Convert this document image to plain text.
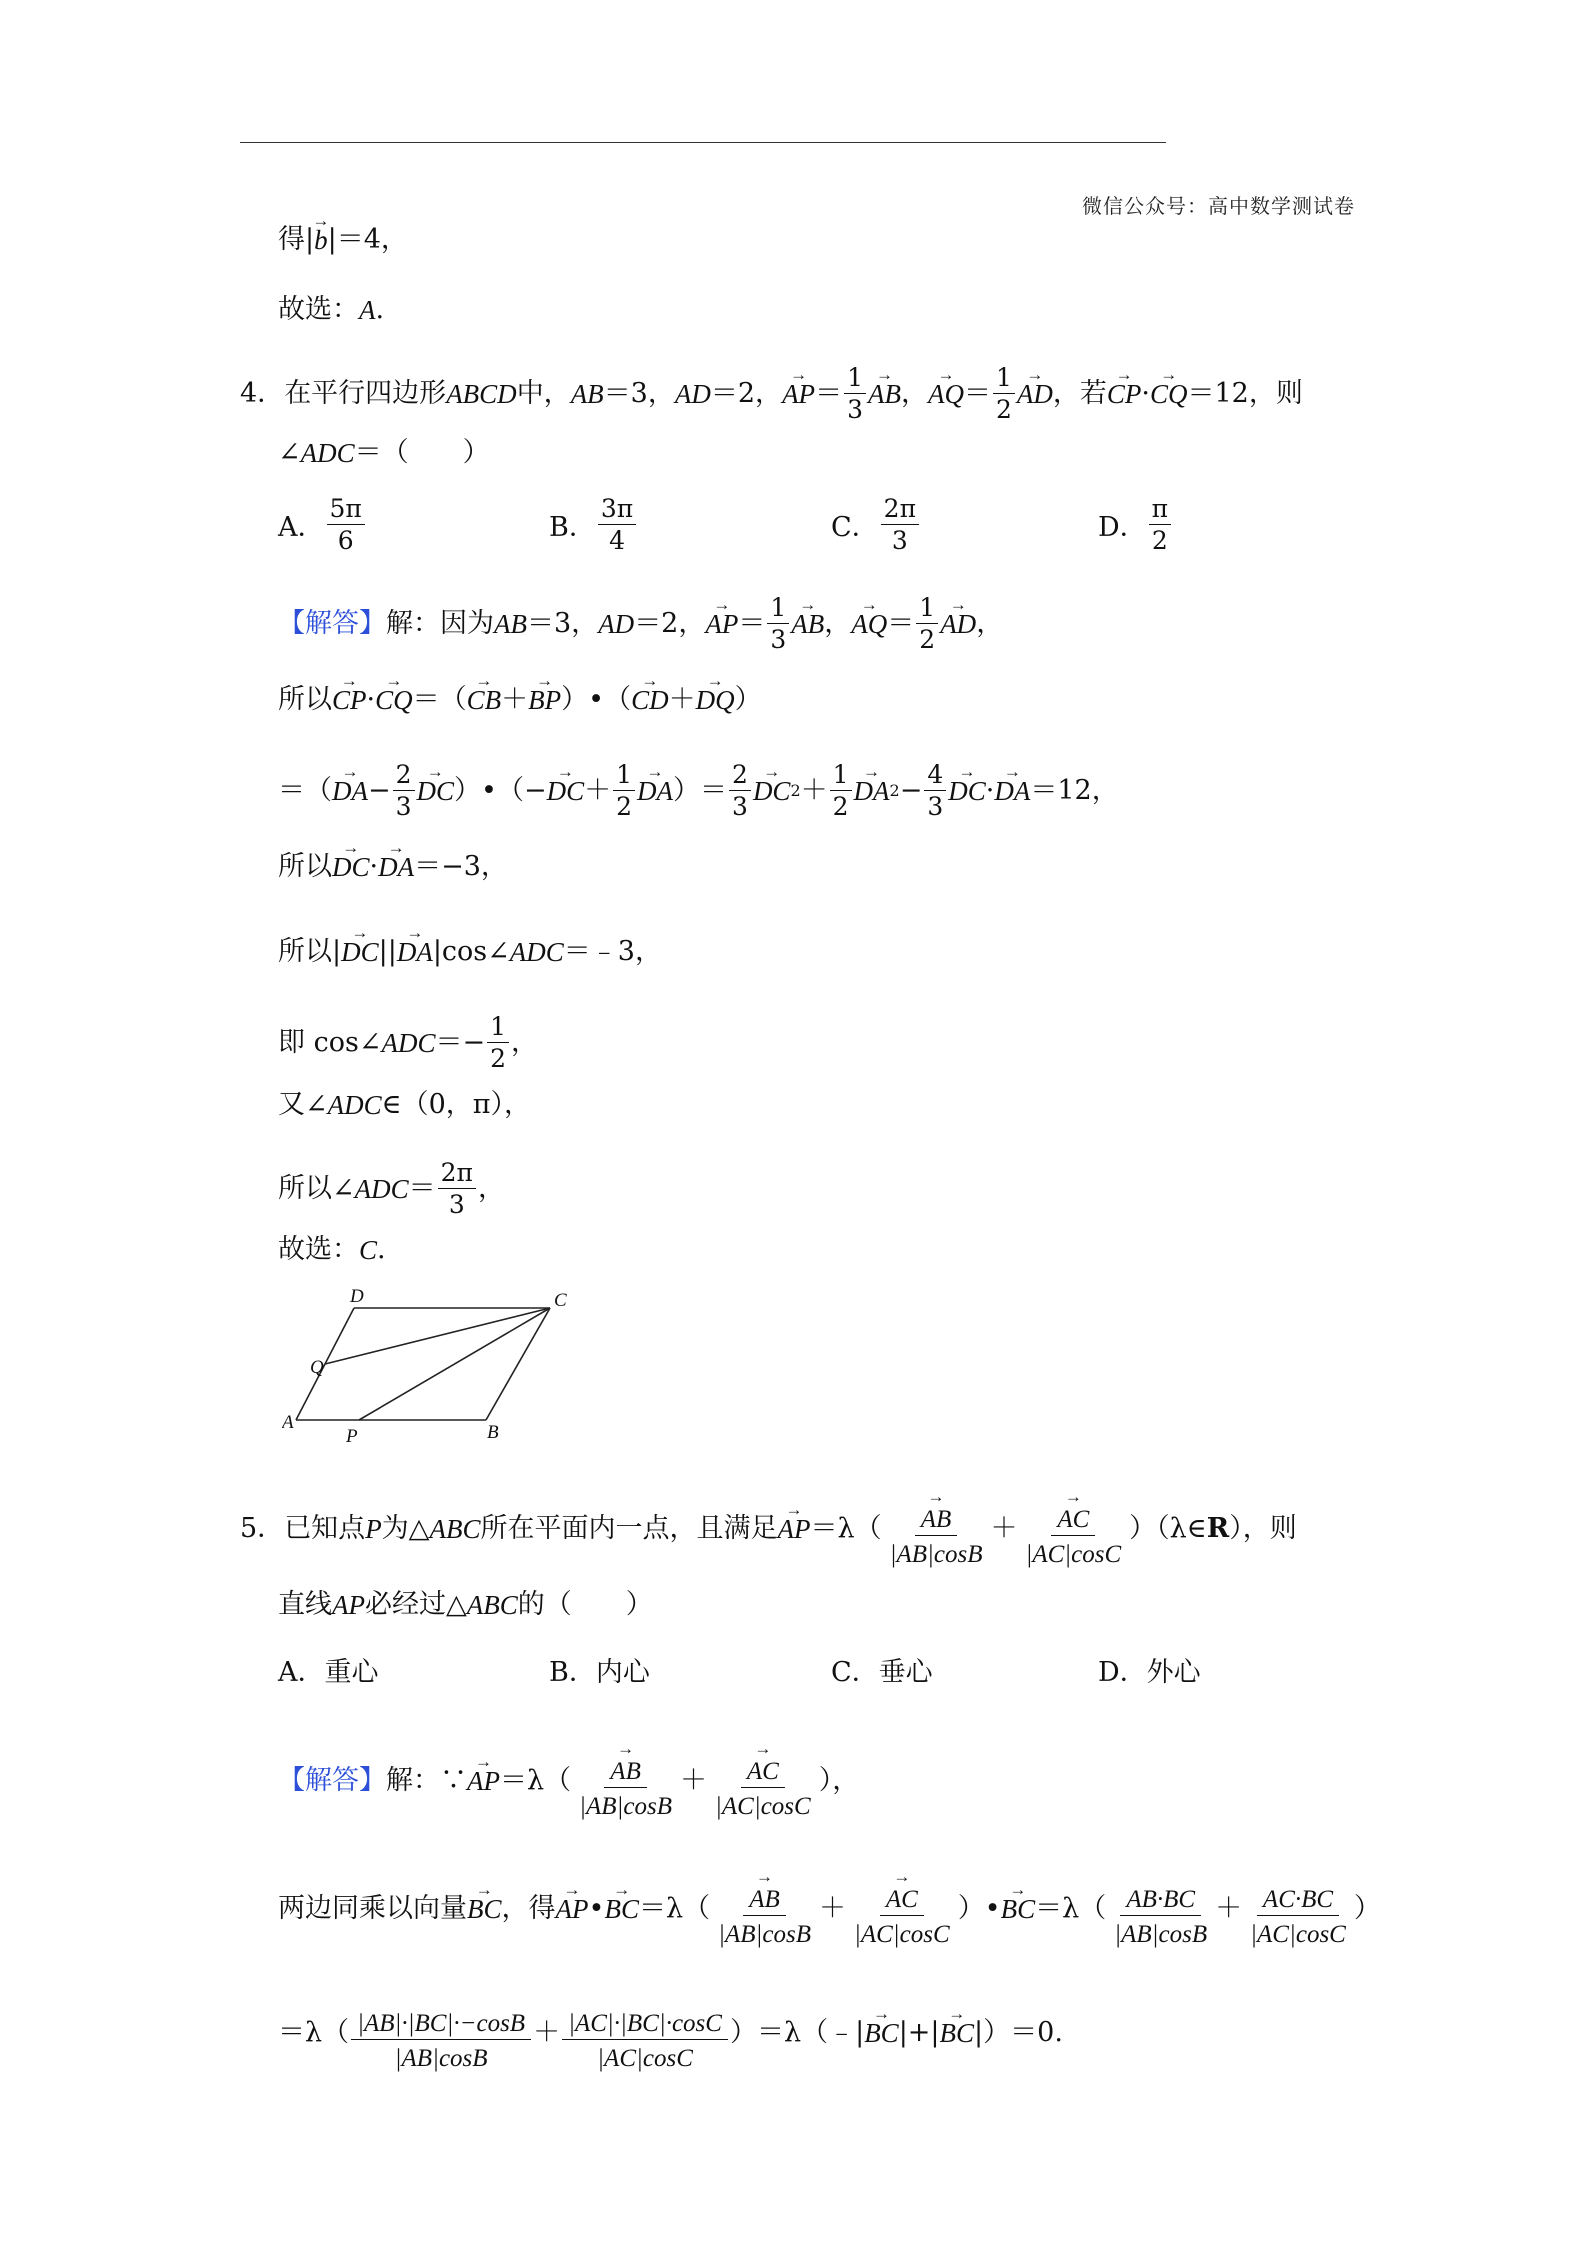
微信公众号：高中数学测试卷
得|
→ b |＝4，
故选： A .
4． 在平行四边形 ABCD 中， AB ＝3， AD ＝2，
→ AP ＝ $\frac{1}{3}$
→ AB ，
→ AQ ＝ $\frac{1}{2}$
→ AD ，若
→ CP ·
→ CQ ＝12，则
∠ ADC ＝（　　）
A． $\frac{5\pi}{6}$	B． $\frac{3\pi}{4}$	C． $\frac{2\pi}{3}$	D． $\frac{\pi}{2}$
【解答】 解：因为 AB ＝3， AD ＝2，
→ AP ＝ $\frac{1}{3}$
→ AB ，
→ AQ ＝ $\frac{1}{2}$
→ AD ，
所以
→ CP ·
→ CQ ＝（
→ CB ＋
→ BP ）•（
→ CD ＋
→ DQ ）
＝（
→ DA − $\frac{2}{3}$
→ DC ）•（−
→ DC ＋ $\frac{1}{2}$
→ DA ）＝ $\frac{2}{3}$
→ DC $2 + \frac{1}{2}$
→ DA $2 - \frac{4}{3}$
→ DC ·
→ DA ＝12，
所以
→ DC ·
→ DA ＝−3，
所以|
→ DC ||
→ DA |cos∠ ADC ＝﹣3，
即 cos∠ ADC ＝− $\frac{1}{2}$ ，
又∠ ADC ∈（0，π），
所以∠ ADC ＝ $\frac{2\pi}{3}$ ，
故选： C .
D	C
Q
A
P	B
5． 已知点 P 为△ ABC 所在平面内一点，且满足
→ AP ＝λ（
→ $\frac{AB}{|AB|\cos B}$ ＋
→ $\frac{AC}{|AC|\cos C}$ ）（λ∈ R ），则
直线 AP 必经过△ ABC 的（　　）
A． 重心	B． 内心	C． 垂心	D． 外心
【解答】 解：∵
→ AP ＝λ（
→ $\frac{AB}{|AB|\cos B}$ ＋
→ $\frac{AC}{|AC|\cos C}$ ），
两边同乘以向量
→ BC ，得
→ AP •
→ BC ＝λ（
→ $\frac{AB}{|AB|\cos B}$ ＋
→ $\frac{AC}{|AC|\cos C}$ ）•
→ BC $=\lambda( \frac{AB\cdot BC}{|AB|\cos B} + \frac{AC\cdot BC}{|AC|\cos C}$ ）
$=\lambda( \frac{|AB|\cdot|BC|\cdot-\cos B}{|AB|\cos B} + \frac{|AC|\cdot|BC|\cdot\cos C}{|AC|\cos C}$ ）＝λ（﹣|
→ BC |+|
→ BC |）＝0.
